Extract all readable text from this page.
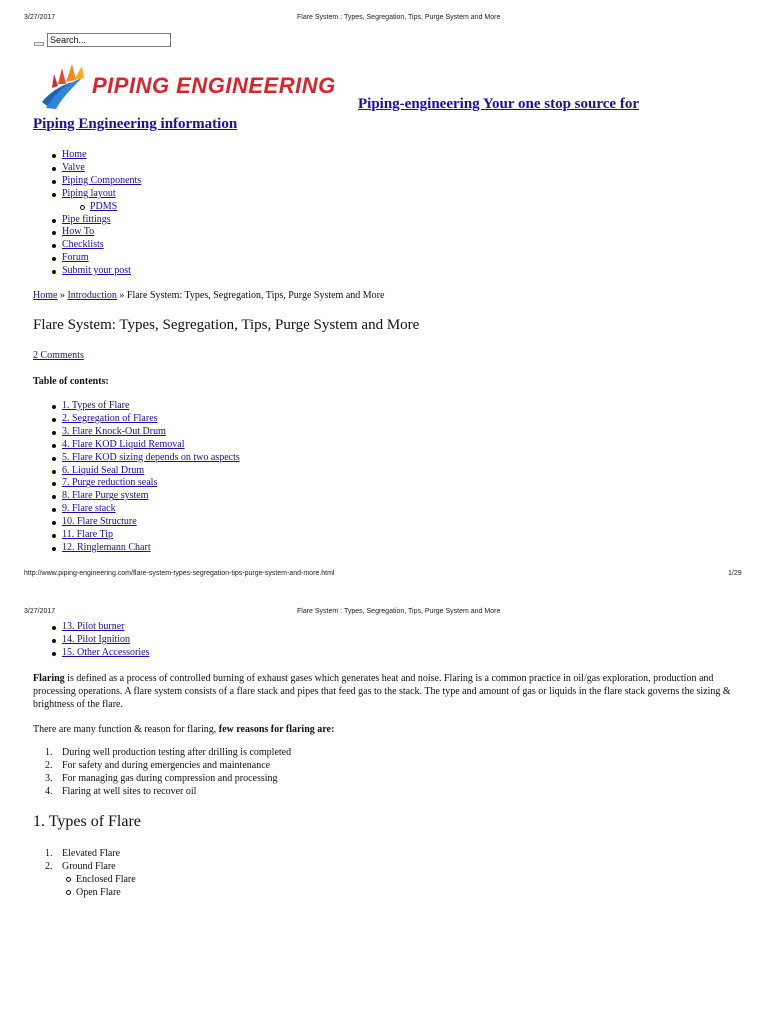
3/27/2017	Flare System : Types, Segregation, Tips, Purge System and More
Search...
PIPING ENGINEERING
Piping-engineering Your one stop source for
Piping Engineering information
Home
Valve
Piping Components
Piping layout
PDMS
Pipe fittings
How To
Checklists
Forum
Submit your post
Home » Introduction » Flare System: Types, Segregation, Tips, Purge System and More
Flare System: Types, Segregation, Tips, Purge System and More
2 Comments
Table of contents:
1. Types of Flare
2. Segregation of Flares
3. Flare Knock-Out Drum
4. Flare KOD Liquid Removal
5. Flare KOD sizing depends on two aspects
6. Liquid Seal Drum
7. Purge reduction seals
8. Flare Purge system
9. Flare stack
10. Flare Structure
11. Flare Tip
12. Ringlemann Chart
http://www.piping-engineering.com/flare-system-types-segregation-tips-purge-system-and-more.html	1/29
3/27/2017	Flare System : Types, Segregation, Tips, Purge System and More
13. Pilot burner
14. Pilot Ignition
15. Other Accessories
Flaring is defined as a process of controlled burning of exhaust gases which generates heat and noise. Flaring is a common practice in oil/gas exploration, production and processing operations. A flare system consists of a flare stack and pipes that feed gas to the stack. The type and amount of gas or liquids in the flare stack governs the sizing & brightness of the flare.
There are many function & reason for flaring, few reasons for flaring are:
1. During well production testing after drilling is completed
2. For safety and during emergencies and maintenance
3. For managing gas during compression and processing
4. Flaring at well sites to recover oil
1. Types of Flare
1. Elevated Flare
2. Ground Flare
Enclosed Flare
Open Flare
